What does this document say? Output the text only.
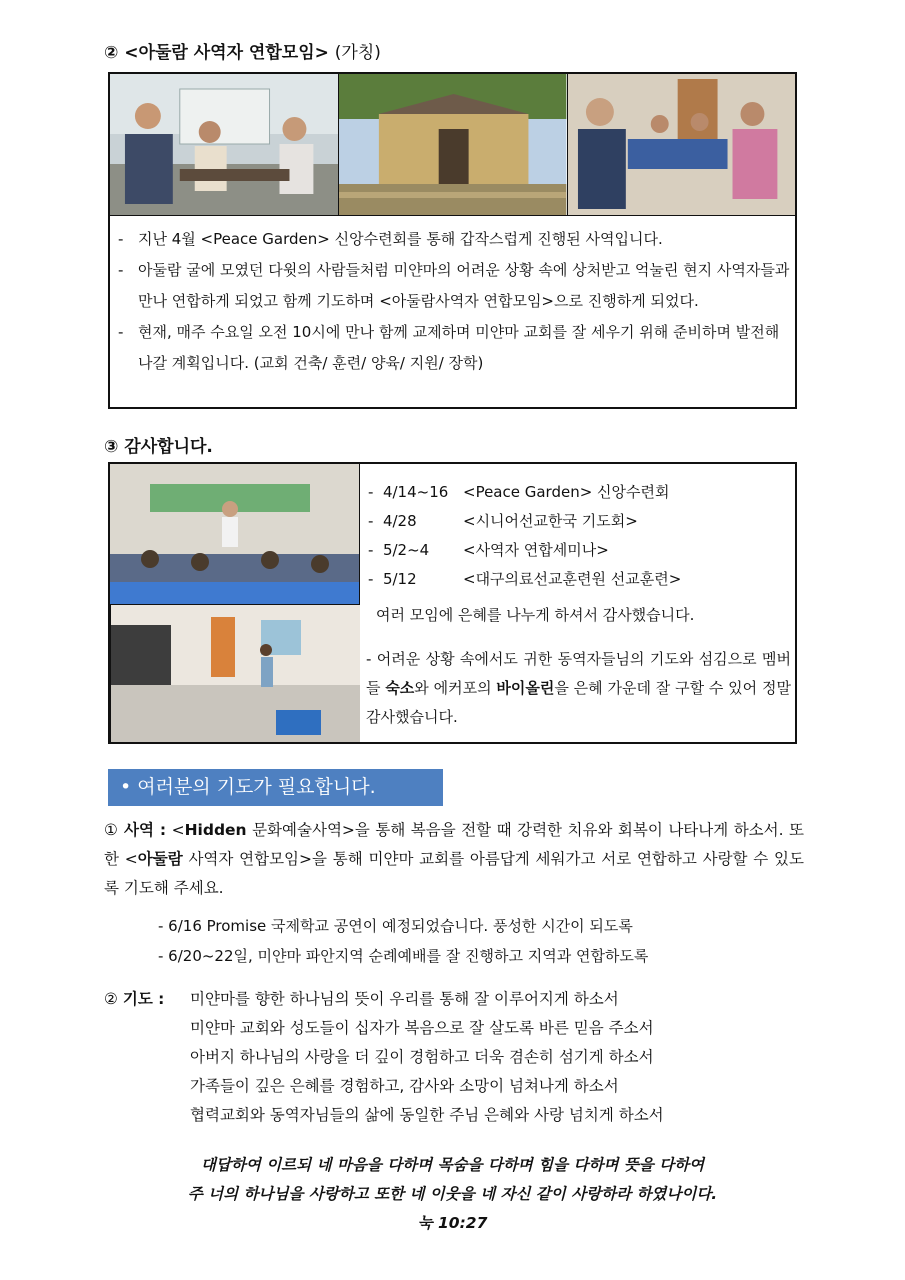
② <아둘람 사역자 연합모임> (가칭)
- 지난 4월 <Peace Garden> 신앙수련회를 통해 갑작스럽게 진행된 사역입니다.
- 아둘람 굴에 모였던 다윗의 사람들처럼 미얀마의 어려운 상황 속에 상처받고 억눌린 현지 사역자들과 만나 연합하게 되었고 함께 기도하며 <아둘람사역자 연합모임>으로 진행하게 되었다.
- 현재, 매주 수요일 오전 10시에 만나 함께 교제하며 미얀마 교회를 잘 세우기 위해 준비하며 발전해 나갈 계획입니다. (교회 건축/ 훈련/ 양육/ 지원/ 장학)
③ 감사합니다.
- 4/14~16 <Peace Garden> 신앙수련회
- 4/28	<시니어선교한국 기도회>
- 5/2~4	<사역자 연합세미나>
- 5/12	<대구의료선교훈련원 선교훈련>
여러 모임에 은혜를 나누게 하셔서 감사했습니다.
- 어려운 상황 속에서도 귀한 동역자들님의 기도와 섬김으로 멤버들 숙소와 에커포의 바이올린을 은혜 가운데 잘 구할 수 있어 정말 감사했습니다.
• 여러분의 기도가 필요합니다.
① 사역 : <Hidden 문화예술사역>을 통해 복음을 전할 때 강력한 치유와 회복이 나타나게 하소서. 또한 <아둘람 사역자 연합모임>을 통해 미얀마 교회를 아름답게 세워가고 서로 연합하고 사랑할 수 있도록 기도해 주세요.
- 6/16 Promise 국제학교 공연이 예정되었습니다. 풍성한 시간이 되도록
- 6/20~22일, 미얀마 파안지역 순례예배를 잘 진행하고 지역과 연합하도록
② 기도 : 미얀마를 향한 하나님의 뜻이 우리를 통해 잘 이루어지게 하소서
미얀마 교회와 성도들이 십자가 복음으로 잘 살도록 바른 믿음 주소서
아버지 하나님의 사랑을 더 깊이 경험하고 더욱 겸손히 섬기게 하소서
가족들이 깊은 은혜를 경험하고, 감사와 소망이 넘쳐나게 하소서
협력교회와 동역자님들의 삶에 동일한 주님 은혜와 사랑 넘치게 하소서
대답하여 이르되 네 마음을 다하며 목숨을 다하며 힘을 다하며 뜻을 다하여
주 너의 하나님을 사랑하고 또한 네 이웃을 네 자신 같이 사랑하라 하였나이다.
눅 10:27
